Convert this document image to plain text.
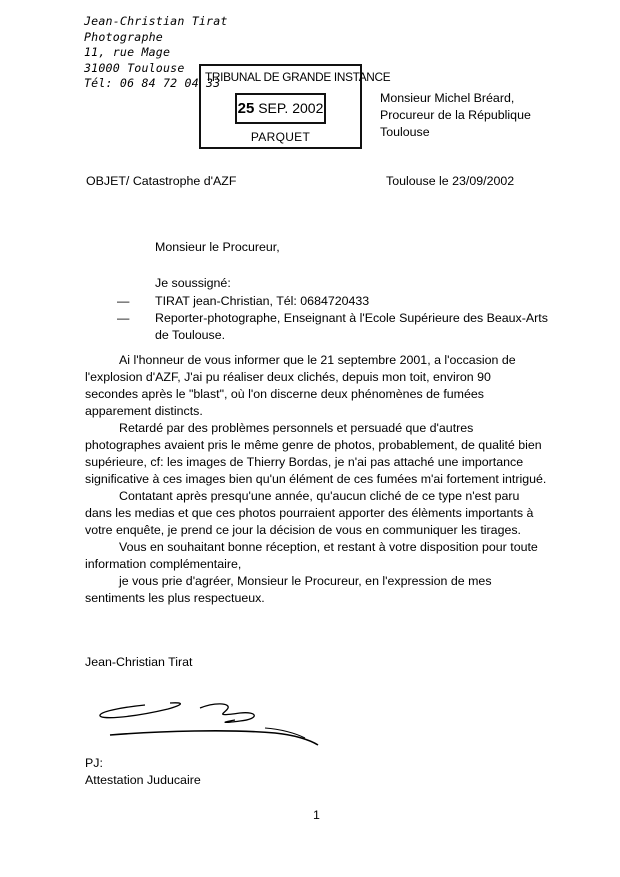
Jean-Christian Tirat
Photographe
11, rue Mage
31000 Toulouse
Tél: 06 84 72 04 33
TRIBUNAL DE GRANDE INSTANCE
25 SEP. 2002
PARQUET
Monsieur Michel Bréard,
Procureur de la République
Toulouse
OBJET/ Catastrophe d'AZF	Toulouse le 23/09/2002
Monsieur le Procureur,
Je soussigné:
— TIRAT jean-Christian, Tél: 0684720433
— Reporter-photographe, Enseignant à l'Ecole Supérieure des Beaux-Arts de Toulouse.

Ai l'honneur de vous informer que le 21 septembre 2001, a l'occasion de l'explosion d'AZF, J'ai pu réaliser deux clichés, depuis mon toit, environ 90 secondes après le "blast", où l'on discerne deux phénomènes de fumées apparement distincts.

Retardé par des problèmes personnels et persuadé que d'autres photographes avaient pris le même genre de photos, probablement, de qualité bien supérieure, cf: les images de Thierry Bordas, je n'ai pas attaché une importance significative à ces images bien qu'un élément de ces fumées m'ai fortement intrigué.

Contatant après presqu'une année, qu'aucun cliché de ce type n'est paru dans les medias et que ces photos pourraient apporter des élèments importants à votre enquête, je prend ce jour la décision de vous en communiquer les tirages.

Vous en souhaitant bonne réception, et restant à votre disposition pour toute information complémentaire,

je vous prie d'agréer, Monsieur le Procureur, en l'expression de mes sentiments les plus respectueux.

Jean-Christian Tirat
PJ:
Attestation Juducaire
1
